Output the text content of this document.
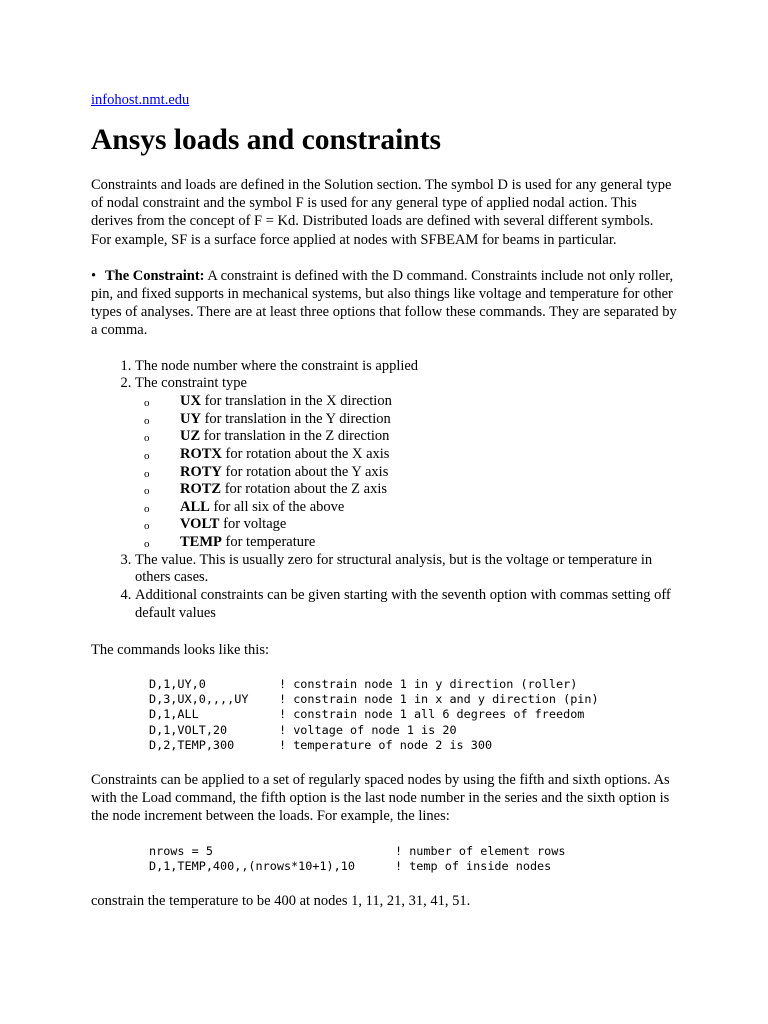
infohost.nmt.edu
Ansys loads and constraints

Constraints and loads are defined in the Solution section. The symbol D is used for any general type of nodal constraint and the symbol F is used for any general type of applied nodal action. This derives from the concept of F = Kd. Distributed loads are defined with several different symbols. For example, SF is a surface force applied at nodes with SFBEAM for beams in particular.

• The Constraint: A constraint is defined with the D command. Constraints include not only roller, pin, and fixed supports in mechanical systems, but also things like voltage and temperature for other types of analyses. There are at least three options that follow these commands. They are separated by a comma.

1. The node number where the constraint is applied
2. The constraint type
o UX for translation in the X direction
o UY for translation in the Y direction
o UZ for translation in the Z direction
o ROTX for rotation about the X axis
o ROTY for rotation about the Y axis
o ROTZ for rotation about the Z axis
o ALL for all six of the above
o VOLT for voltage
o TEMP for temperature
3. The value. This is usually zero for structural analysis, but is the voltage or temperature in others cases.
4. Additional constraints can be given starting with the seventh option with commas setting off default values

The commands looks like this:

D,1,UY,0	! constrain node 1 in y direction (roller)
D,3,UX,0,,,,UY	! constrain node 1 in x and y direction (pin)
D,1,ALL	! constrain node 1 all 6 degrees of freedom
D,1,VOLT,20	! voltage of node 1 is 20
D,2,TEMP,300	! temperature of node 2 is 300

Constraints can be applied to a set of regularly spaced nodes by using the fifth and sixth options. As with the Load command, the fifth option is the last node number in the series and the sixth option is the node increment between the loads. For example, the lines:

nrows = 5	! number of element rows
D,1,TEMP,400,,(nrows*10+1),10	! temp of inside nodes

constrain the temperature to be 400 at nodes 1, 11, 21, 31, 41, 51.
